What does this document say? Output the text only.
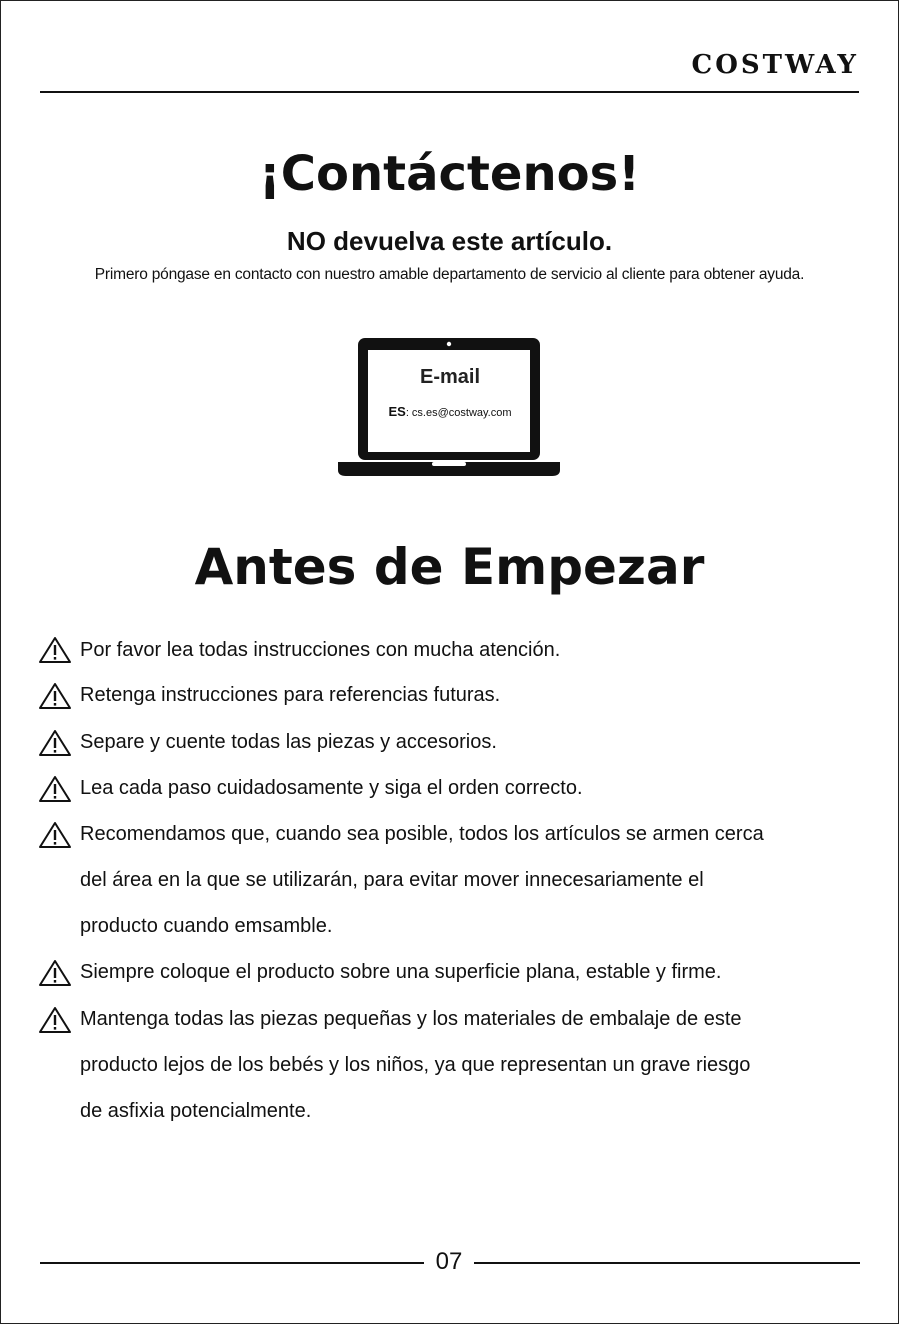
COSTWAY
¡Contáctenos!
NO devuelva este artículo.
Primero póngase en contacto con nuestro amable departamento de servicio al cliente para obtener ayuda.
E-mail
ES: cs.es@costway.com
Antes de Empezar
Por favor lea todas instrucciones con mucha atención.
Retenga instrucciones para referencias futuras.
Separe y cuente todas las piezas y accesorios.
Lea cada paso cuidadosamente y siga el orden correcto.
Recomendamos que, cuando sea posible, todos los artículos se armen cerca
del área en la que se utilizarán, para evitar mover innecesariamente el
producto cuando emsamble.
Siempre coloque el producto sobre una superficie plana, estable y firme.
Mantenga todas las piezas pequeñas y los materiales de embalaje de este
producto lejos de los bebés y los niños, ya que representan un grave riesgo
de asfixia potencialmente.
07
